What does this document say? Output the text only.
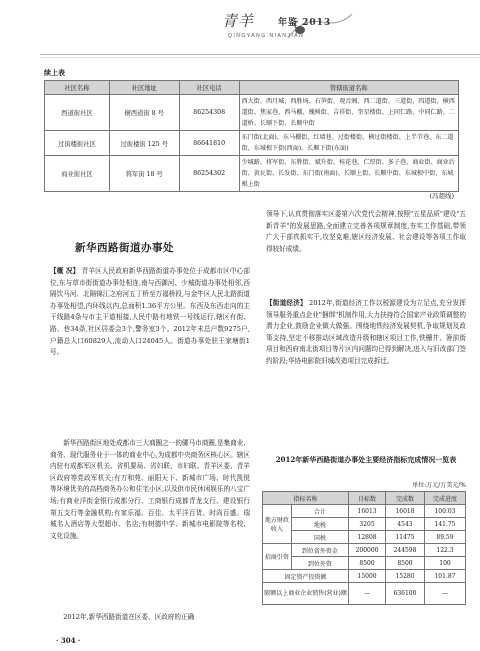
青羊	年鉴 2013
QINGYANG NIANJIAN
续上表
社区名称	社区地址	社区电话	管辖街道名称
西道街社区	横西道街 8 号	86254308	西大街、西月城、西胜场、石笋街、观音阁、西二道街、三道街、四道街、横西道街、焦家巷、西马棚、槐树街、吉祥街、奎星楼街、上同仁路、中同仁路、二道桥、长顺下街、长顺中街
过街楼街社区	过街楼街 125 号	86641810	东门街(北面)、东马棚街、红墙巷、过街楼街、横过街楼街、上半节巷、东二道街、东城根下街(西面)、长顺下街(东面)
商业街社区	将军街 18 号	86254302	少城路、将军街、东胜街、斌升街、桂花巷、仁厚街、多子巷、商业街、商业后街、黄瓦街、长发街、东门街(南面)、长顺上街、长顺中街、东城根中街、东城根上街
(冯超线)
新华西路街道办事处
【概 况】 青羊区人民政府新华西路街道办事处位于成都市区中心部位,东与草市街街道办事处相连,南与西御河、少城街道办事处相邻,西隔饮马河、北隔锦江之府河五丁桥至万福桥段,与金牛区人民北路街道办事处相望,内环线以内,总面积1.36平方公里。东西及东西走向的主干线路4条与市主干道相接,人民中路有地铁一号线运行,辖区有街、路、巷34条,社区居委会3个,警务室3个。2012年末总户数9275户,户籍总人口60829人,流动人口24045人。街道办事处驻王家塘街1号。
新华西路街区地处成都市三大商圈之一的骡马市商圈,是集商业、商务、现代服务业于一体的商业中心,为成都中央商务区核心区。辖区内驻有成都军区机关、省机要局、省妇联、市妇联、青羊区委、青羊区政府等党政军机关;有万和苑、丽阳天下、新城市广场、时代凯悦等环境优美的高档商务办公和住宅小区,以及供市民休闲娱乐的八宝广场;有商业洋街金银行成都分行、工商银行成都青龙支行、建设银行第五支行等金融机构;有家乐福、百佳、太平洋百货、时尚百盛、瑞城名人酒店等大型超市、名店;有树德中学、新城市电影院等名校、文化设施。
2012年,新华西路街道在区委、区政府的正确
领导下,认真贯彻落实区委第六次党代会精神,按照"五星品质"建设"五新青羊"的发展思路,全面建立完善各项规章制度,夯实工作基础,带领广大干部真抓实干,攻坚克难,辖区经济发展、社会建设等各项工作取得较好成绩。
【街道经济】 2012年,街道经济工作以税源建设为立足点,充分发挥领导服务重点企业"捆绑"机制作用,大力扶持符合国家产业政策调整的潜力企业,鼓励企业做大做强。围绕地铁经济发展契机,争取规划及政策支持,坚定不移推动区域改造升级和辖区项目工作,铁栅井、箸前街项目和西府南北街项目等片区内问题均已得到解决,进入与旧改部门签约阶段;华协电影院旧城改造项目完成拆迁。
2012年新华西路街道办事处主要经济指标完成情况一览表
单位:万元/万美元/%
指标名称		目标数	完成数	完成进度
地方财政收入	合计	16013	16018	100.03
	地税	3205	4543	141.75
	国税	12808	11475	89.59
招商引资	到位省外资金	200000	244598	122.3
	到位外资	8500	8500	100
固定资产投资额		15000	15280	101.87
限额以上商业企业销售(营业)额		—	636100	—
· 304 ·
